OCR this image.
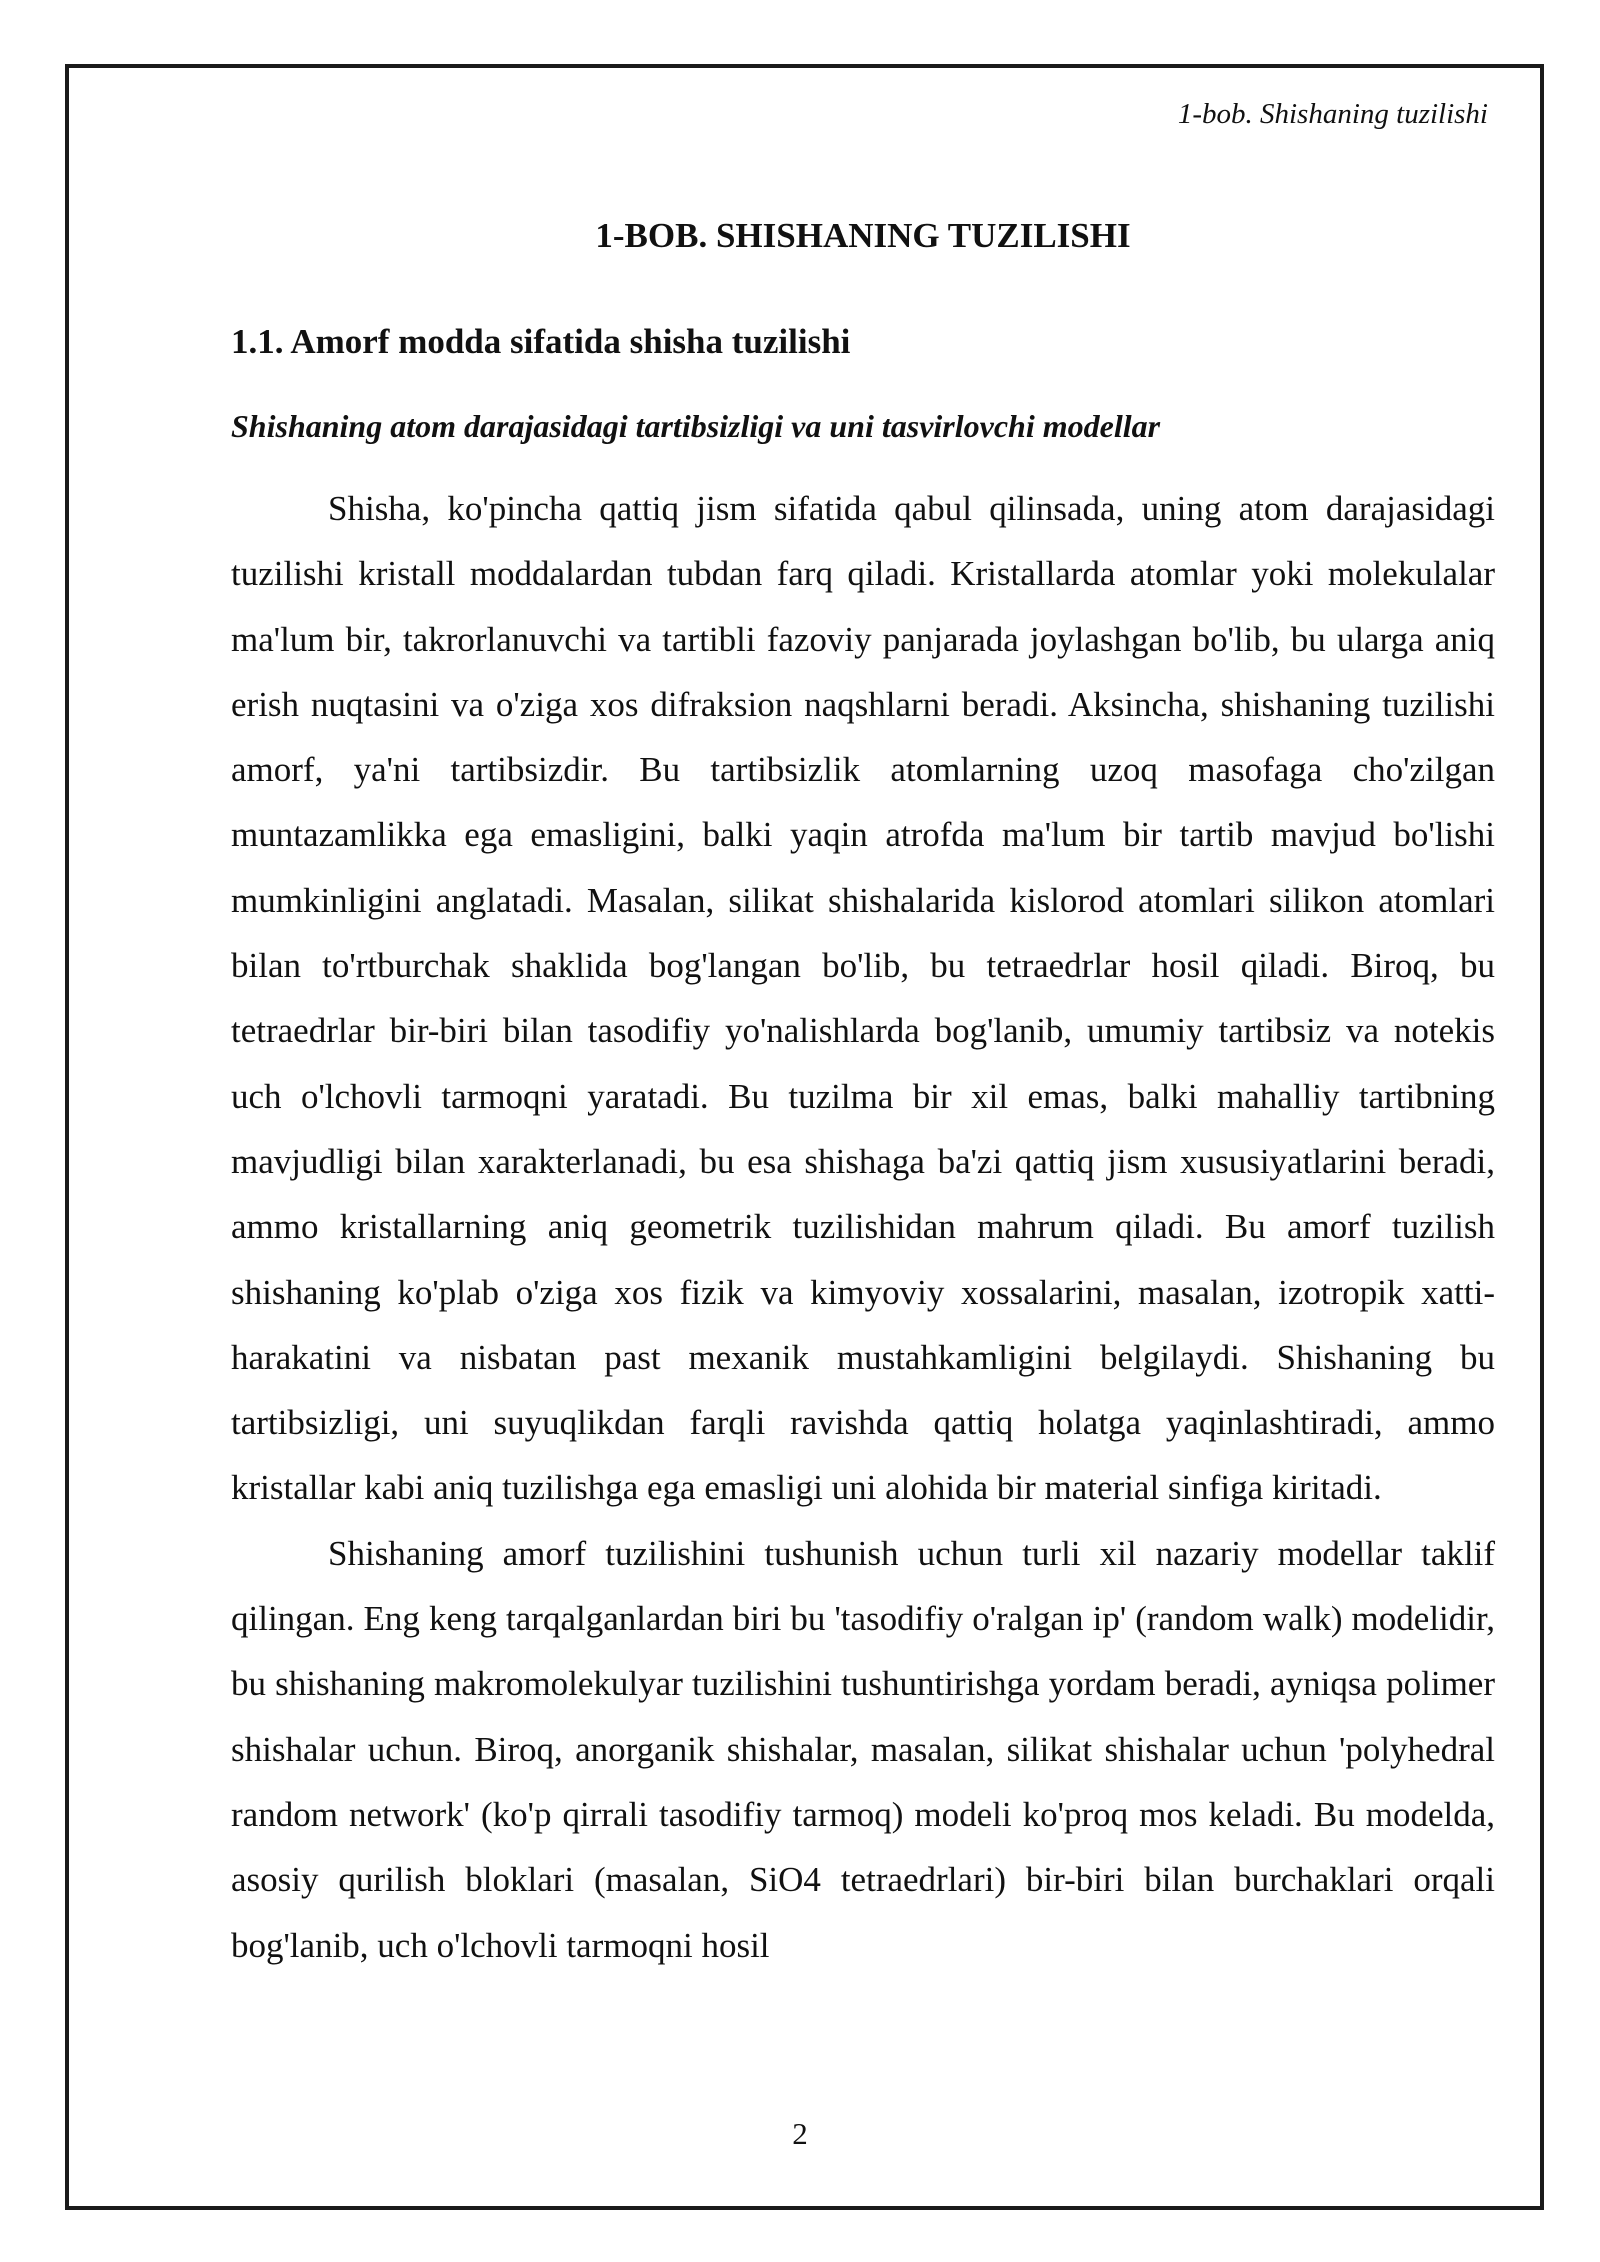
1-bob. Shishaning tuzilishi

1-BOB. SHISHANING TUZILISHI
1.1. Amorf modda sifatida shisha tuzilishi
Shishaning atom darajasidagi tartibsizligi va uni tasvirlovchi modellar

Shisha, ko'pincha qattiq jism sifatida qabul qilinsada, uning atom darajasidagi tuzilishi kristall moddalardan tubdan farq qiladi. Kristallarda atomlar yoki molekulalar ma'lum bir, takrorlanuvchi va tartibli fazoviy panjarada joylashgan bo'lib, bu ularga aniq erish nuqtasini va o'ziga xos difraksion naqshlarni beradi. Aksincha, shishaning tuzilishi amorf, ya'ni tartibsizdir. Bu tartibsizlik atomlarning uzoq masofaga cho'zilgan muntazamlikka ega emasligini, balki yaqin atrofda ma'lum bir tartib mavjud bo'lishi mumkinligini anglatadi. Masalan, silikat shishalarida kislorod atomlari silikon atomlari bilan to'rtburchak shaklida bog'langan bo'lib, bu tetraedrlar hosil qiladi. Biroq, bu tetraedrlar bir-biri bilan tasodifiy yo'nalishlarda bog'lanib, umumiy tartibsiz va notekis uch o'lchovli tarmoqni yaratadi. Bu tuzilma bir xil emas, balki mahalliy tartibning mavjudligi bilan xarakterlanadi, bu esa shishaga ba'zi qattiq jism xususiyatlarini beradi, ammo kristallarning aniq geometrik tuzilishidan mahrum qiladi. Bu amorf tuzilish shishaning ko'plab o'ziga xos fizik va kimyoviy xossalarini, masalan, izotropik xatti-harakatini va nisbatan past mexanik mustahkamligini belgilaydi. Shishaning bu tartibsizligi, uni suyuqlikdan farqli ravishda qattiq holatga yaqinlashtiradi, ammo kristallar kabi aniq tuzilishga ega emasligi uni alohida bir material sinfiga kiritadi.

Shishaning amorf tuzilishini tushunish uchun turli xil nazariy modellar taklif qilingan. Eng keng tarqalganlardan biri bu 'tasodifiy o'ralgan ip' (random walk) modelidir, bu shishaning makromolekulyar tuzilishini tushuntirishga yordam beradi, ayniqsa polimer shishalar uchun. Biroq, anorganik shishalar, masalan, silikat shishalar uchun 'polyhedral random network' (ko'p qirrali tasodifiy tarmoq) modeli ko'proq mos keladi. Bu modelda, asosiy qurilish bloklari (masalan, SiO4 tetraedrlari) bir-biri bilan burchaklari orqali bog'lanib, uch o'lchovli tarmoqni hosil

2
